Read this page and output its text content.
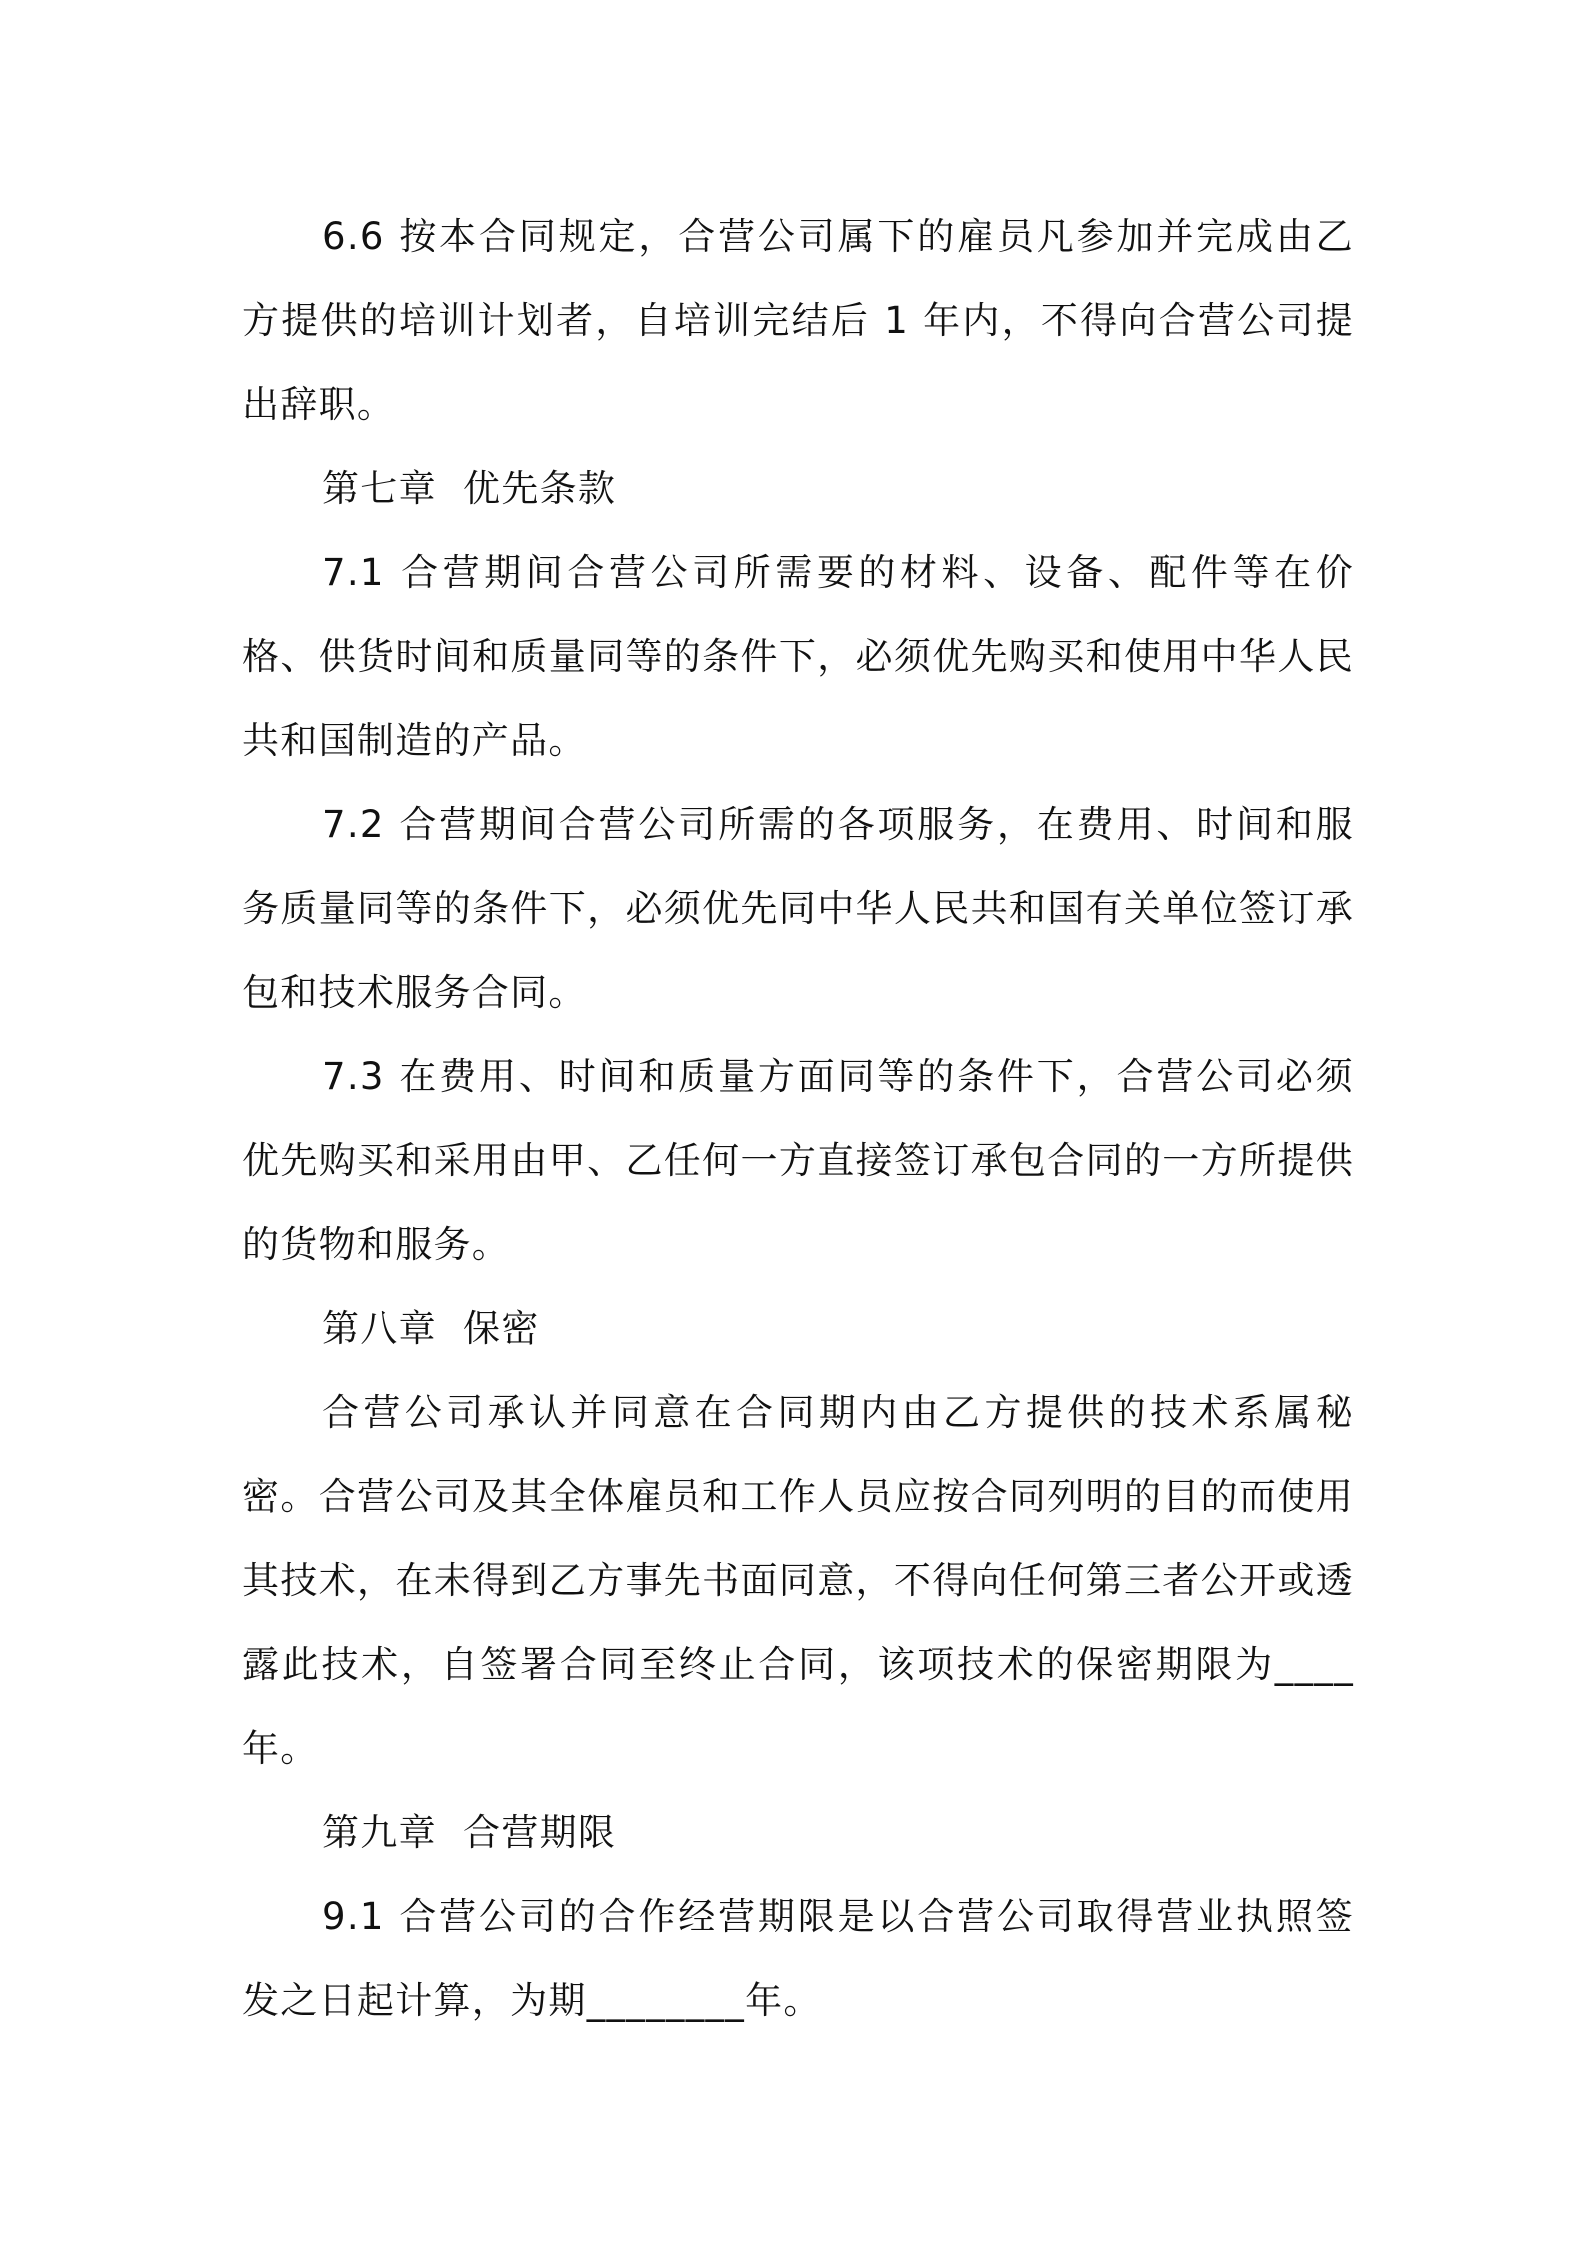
6.6 按本合同规定，合营公司属下的雇员凡参加并完成由乙方提供的培训计划者，自培训完结后 1 年内，不得向合营公司提出辞职。

第七章  优先条款

7.1 合营期间合营公司所需要的材料、设备、配件等在价格、供货时间和质量同等的条件下，必须优先购买和使用中华人民共和国制造的产品。

7.2 合营期间合营公司所需的各项服务，在费用、时间和服务质量同等的条件下，必须优先同中华人民共和国有关单位签订承包和技术服务合同。

7.3 在费用、时间和质量方面同等的条件下，合营公司必须优先购买和采用由甲、乙任何一方直接签订承包合同的一方所提供的货物和服务。

第八章  保密

合营公司承认并同意在合同期内由乙方提供的技术系属秘密。合营公司及其全体雇员和工作人员应按合同列明的目的而使用其技术，在未得到乙方事先书面同意，不得向任何第三者公开或透露此技术，自签署合同至终止合同，该项技术的保密期限为____年。

第九章  合营期限

9.1 合营公司的合作经营期限是以合营公司取得营业执照签发之日起计算，为期________年。
